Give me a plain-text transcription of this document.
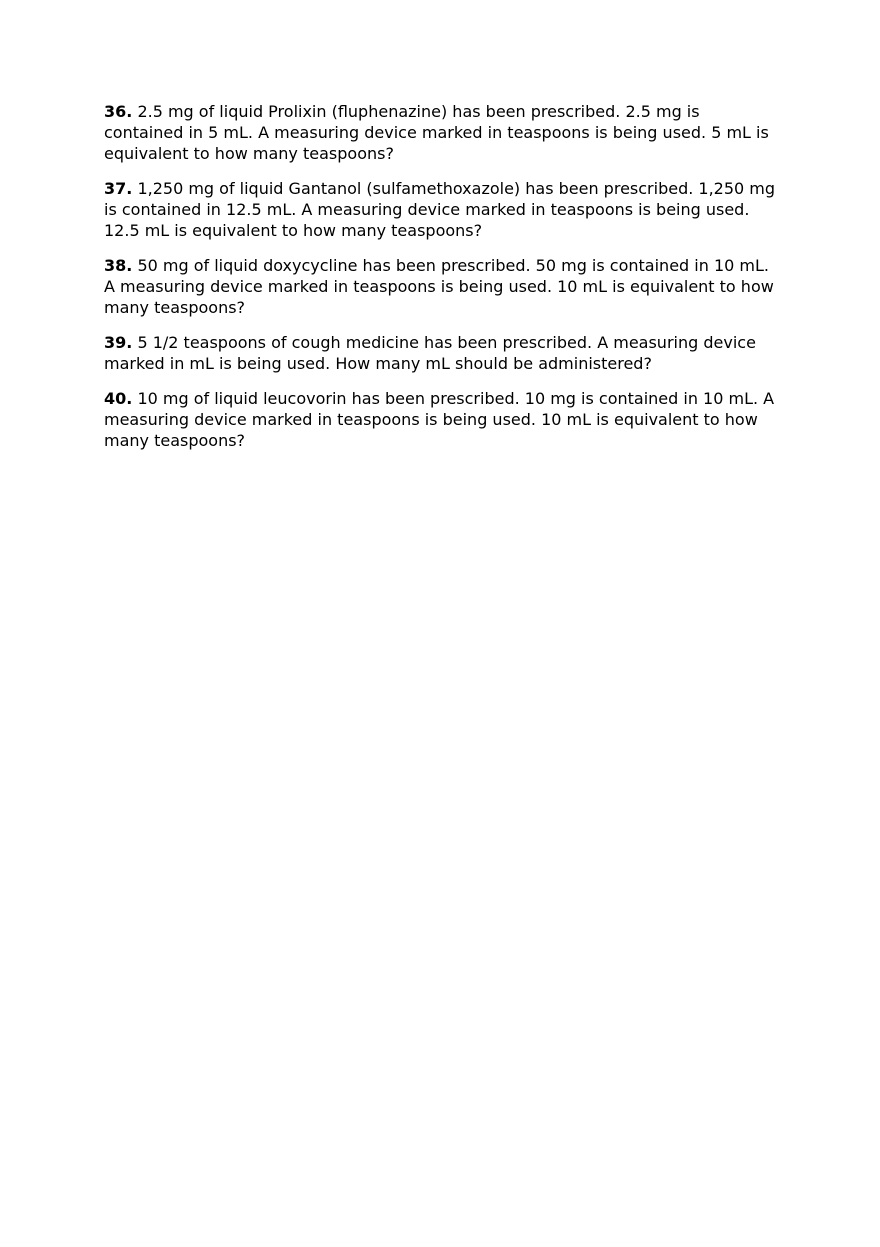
36. 2.5 mg of liquid Prolixin (fluphenazine) has been prescribed. 2.5 mg is contained in 5 mL. A measuring device marked in teaspoons is being used. 5 mL is equivalent to how many teaspoons?

37. 1,250 mg of liquid Gantanol (sulfamethoxazole) has been prescribed. 1,250 mg is contained in 12.5 mL. A measuring device marked in teaspoons is being used. 12.5 mL is equivalent to how many teaspoons?

38. 50 mg of liquid doxycycline has been prescribed. 50 mg is contained in 10 mL. A measuring device marked in teaspoons is being used. 10 mL is equivalent to how many teaspoons?

39. 5 1/2 teaspoons of cough medicine has been prescribed. A measuring device marked in mL is being used. How many mL should be administered?

40. 10 mg of liquid leucovorin has been prescribed. 10 mg is contained in 10 mL. A measuring device marked in teaspoons is being used. 10 mL is equivalent to how many teaspoons?
